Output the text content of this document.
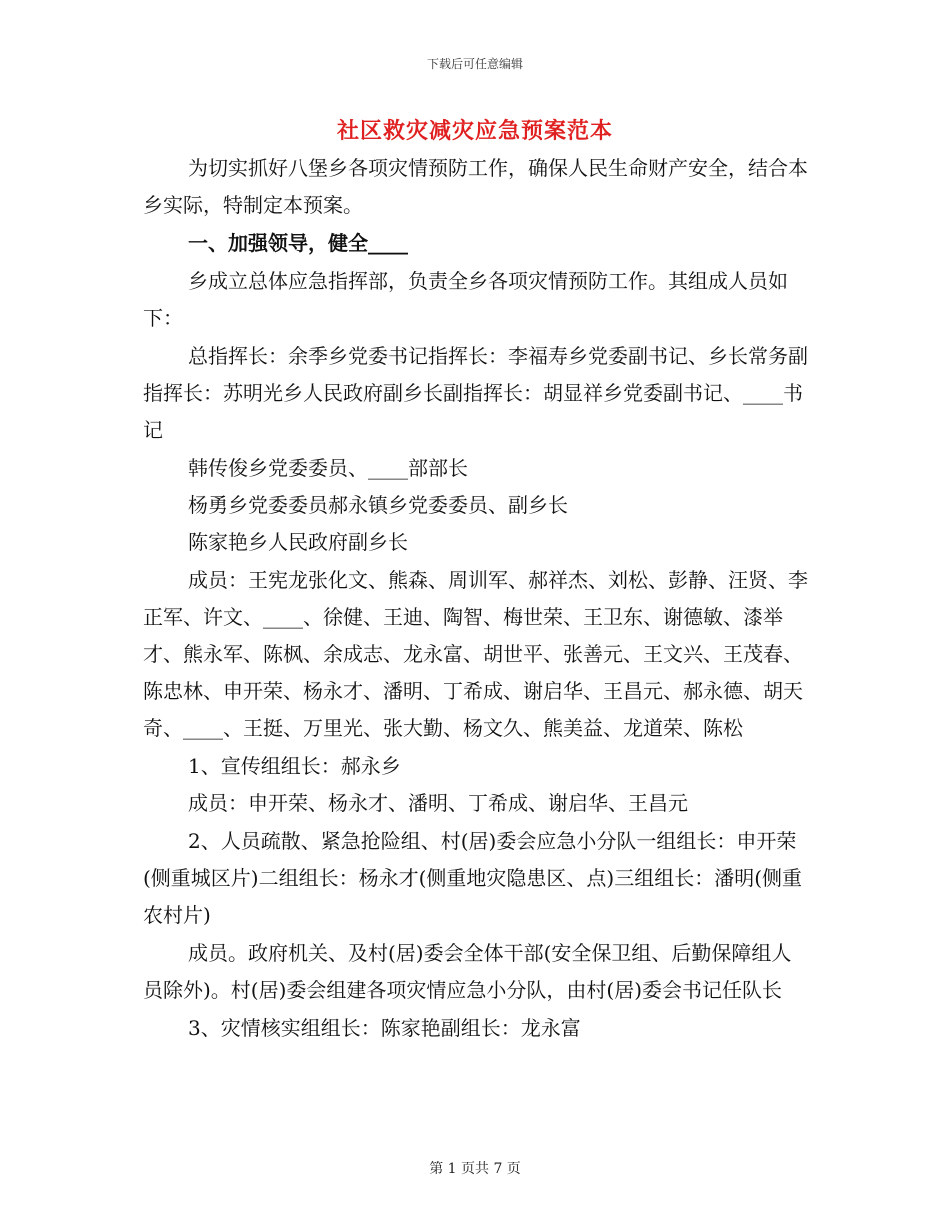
下载后可任意编辑
社区救灾减灾应急预案范本

为切实抓好八堡乡各项灾情预防工作，确保人民生命财产安全，结合本乡实际，特制定本预案。

一、加强领导，健全____

乡成立总体应急指挥部，负责全乡各项灾情预防工作。其组成人员如下：

总指挥长：余季乡党委书记指挥长：李福寿乡党委副书记、乡长常务副指挥长：苏明光乡人民政府副乡长副指挥长：胡显祥乡党委副书记、____书记

韩传俊乡党委委员、____部部长

杨勇乡党委委员郝永镇乡党委委员、副乡长

陈家艳乡人民政府副乡长

成员：王宪龙张化文、熊森、周训军、郝祥杰、刘松、彭静、汪贤、李正军、许文、____、徐健、王迪、陶智、梅世荣、王卫东、谢德敏、漆举才、熊永军、陈枫、余成志、龙永富、胡世平、张善元、王文兴、王茂春、陈忠林、申开荣、杨永才、潘明、丁希成、谢启华、王昌元、郝永德、胡天奇、____、王挺、万里光、张大勤、杨文久、熊美益、龙道荣、陈松

1、宣传组组长：郝永乡

成员：申开荣、杨永才、潘明、丁希成、谢启华、王昌元

2、人员疏散、紧急抢险组、村(居)委会应急小分队一组组长：申开荣(侧重城区片)二组组长：杨永才(侧重地灾隐患区、点)三组组长：潘明(侧重农村片)

成员。政府机关、及村(居)委会全体干部(安全保卫组、后勤保障组人员除外)。村(居)委会组建各项灾情应急小分队，由村(居)委会书记任队长

3、灾情核实组组长：陈家艳副组长：龙永富

第 1 页共 7 页
